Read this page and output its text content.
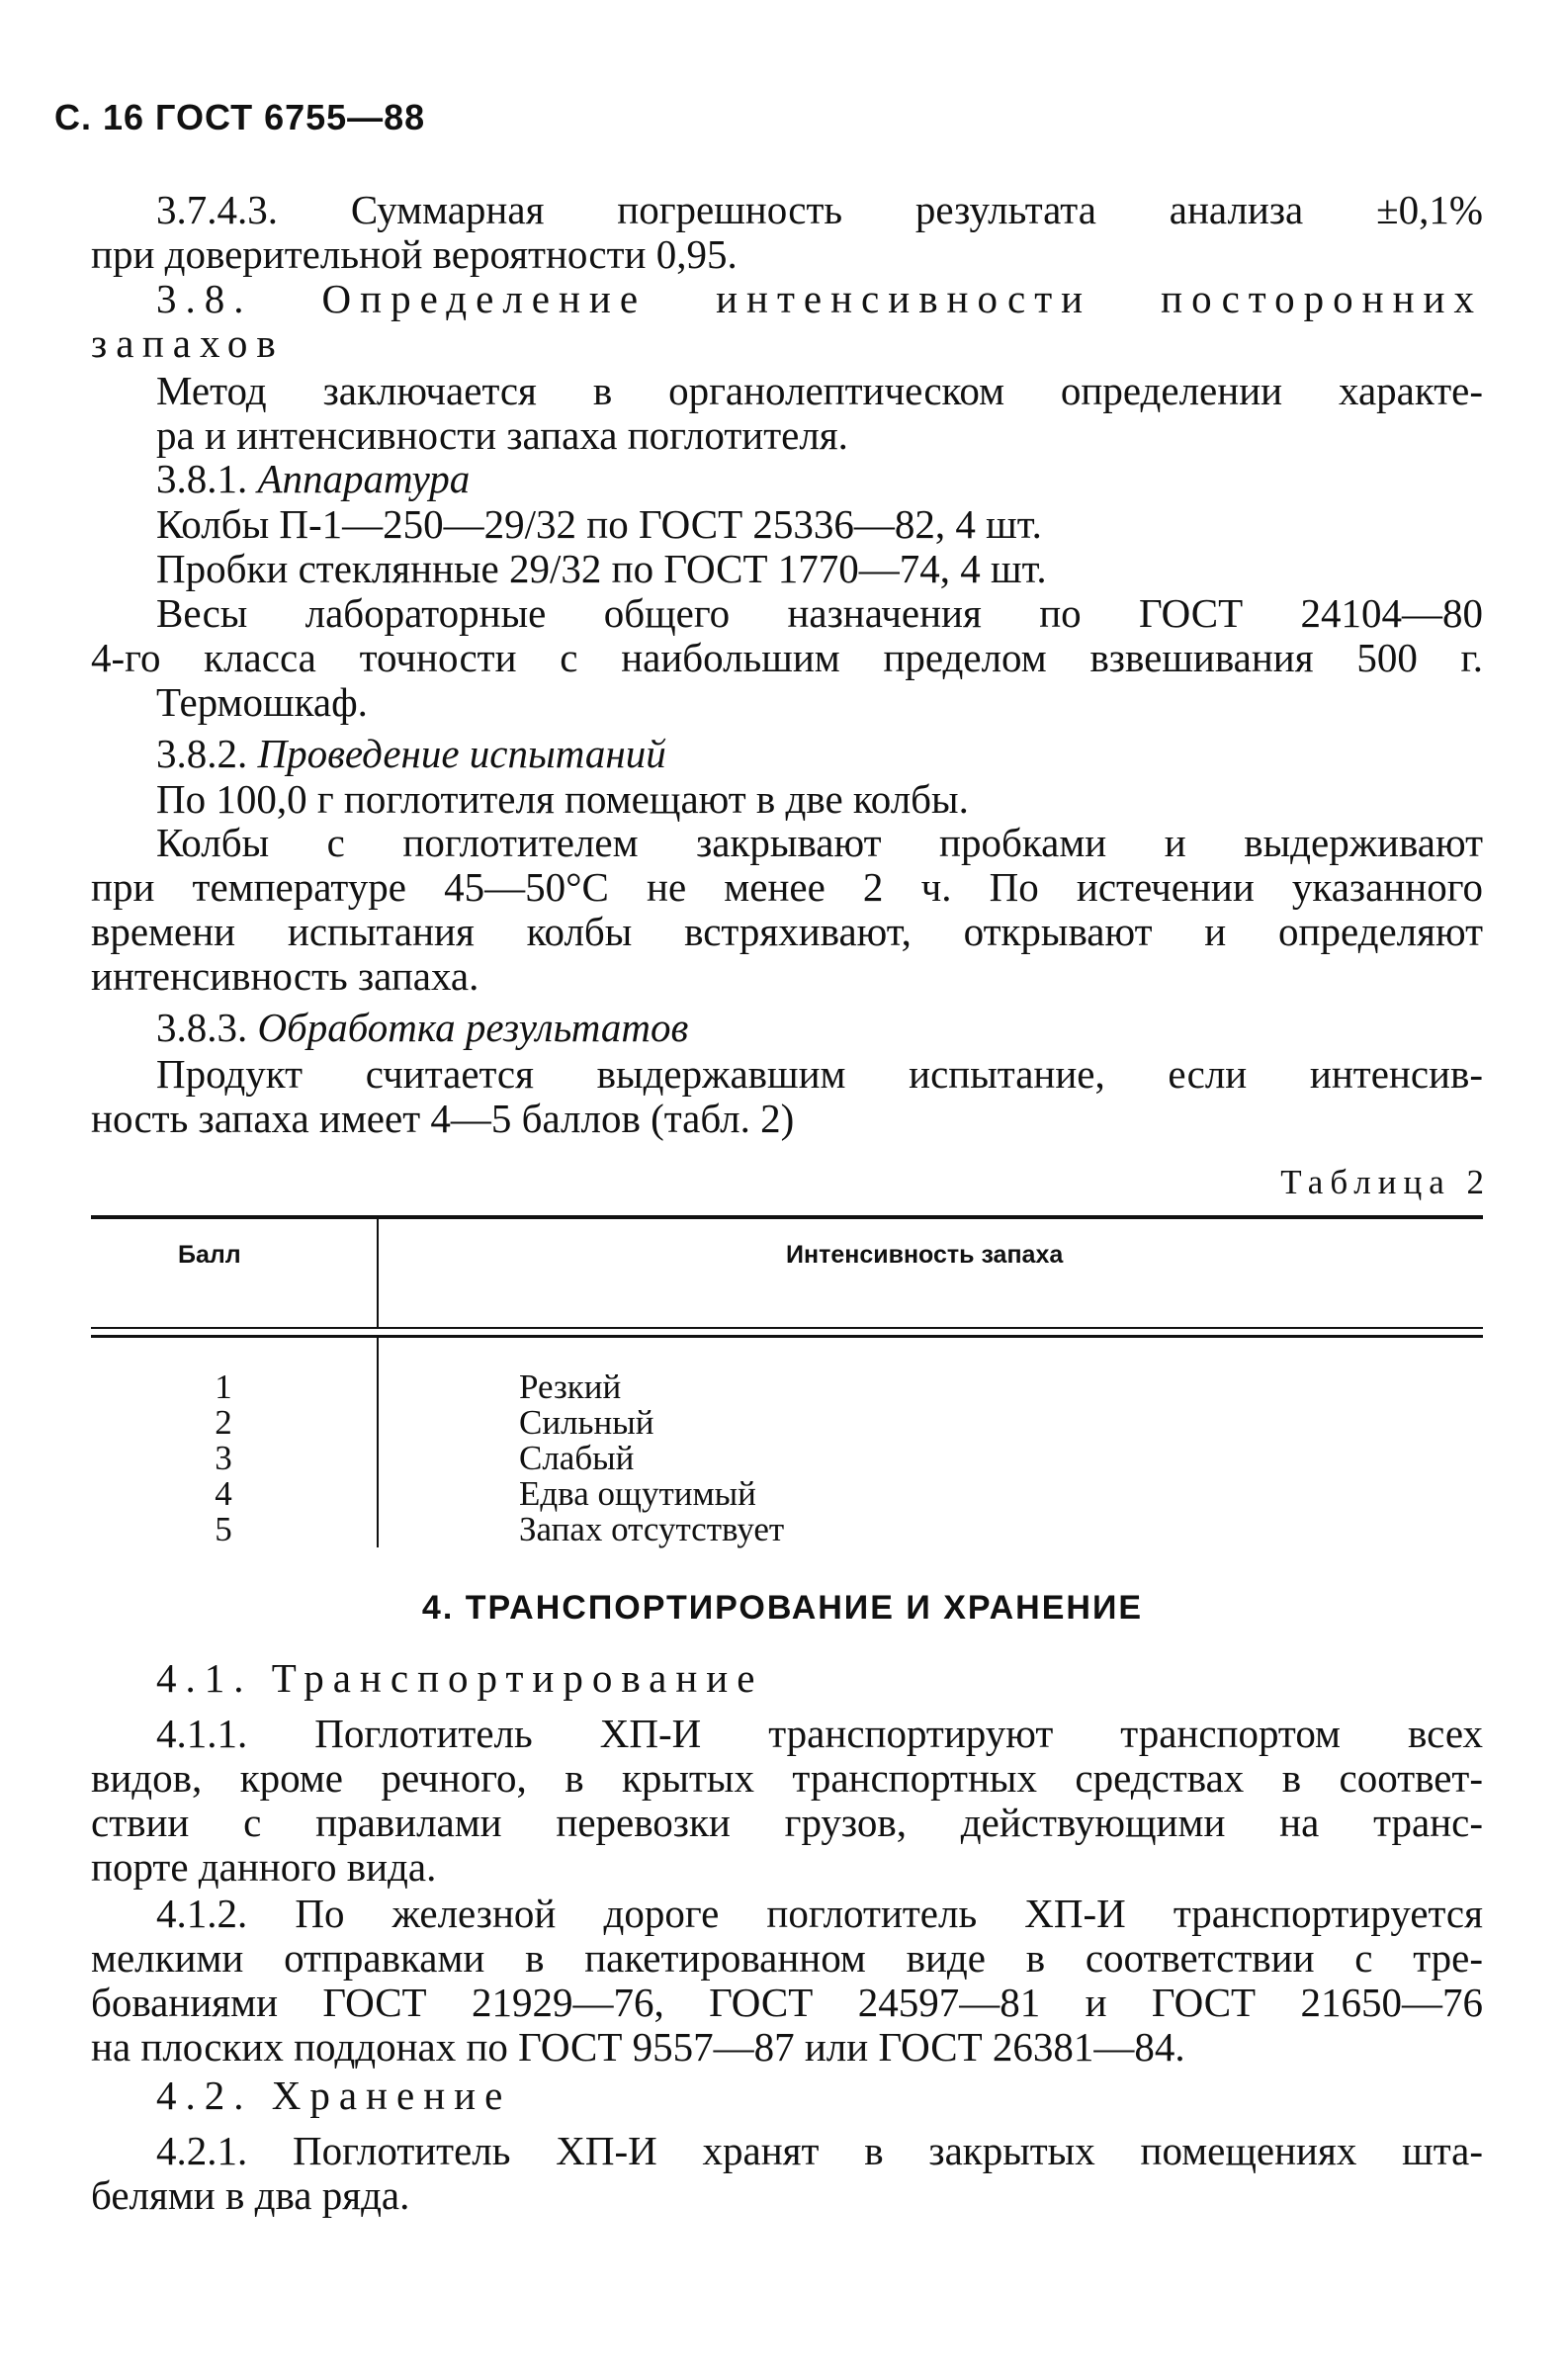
С. 16 ГОСТ 6755—88

3.7.4.3. Суммарная погрешность результата анализа ±0,1%

при доверительной вероятности 0,95.

3.8. Определение интенсивности посторонних

запахов

Метод заключается в органолептическом определении характе-

ра и интенсивности запаха поглотителя.

3.8.1. Аппаратура

Колбы П-1—250—29/32 по ГОСТ 25336—82, 4 шт.

Пробки стеклянные 29/32 по ГОСТ 1770—74, 4 шт.

Весы лабораторные общего назначения по ГОСТ 24104—80

4-го класса точности с наибольшим пределом взвешивания 500 г.

Термошкаф.

3.8.2. Проведение испытаний

По 100,0 г поглотителя помещают в две колбы.

Колбы с поглотителем закрывают пробками и выдерживают

при температуре 45—50°С не менее 2 ч. По истечении указанного

времени испытания колбы встряхивают, открывают и определяют

интенсивность запаха.

3.8.3. Обработка результатов

Продукт считается выдержавшим испытание, если интенсив-

ность запаха имеет 4—5 баллов (табл. 2)

Таблица 2
Балл	Интенсивность запаха
1
2
3
4
5
Резкий
Сильный
Слабый
Едва ощутимый
Запах отсутствует
4. ТРАНСПОРТИРОВАНИЕ И ХРАНЕНИЕ

4.1. Транспортирование

4.1.1. Поглотитель ХП-И транспортируют транспортом всех

видов, кроме речного, в крытых транспортных средствах в соответ-

ствии с правилами перевозки грузов, действующими на транс-

порте данного вида.

4.1.2. По железной дороге поглотитель ХП-И транспортируется

мелкими отправками в пакетированном виде в соответствии с тре-

бованиями ГОСТ 21929—76, ГОСТ 24597—81 и ГОСТ 21650—76

на плоских поддонах по ГОСТ 9557—87 или ГОСТ 26381—84.

4.2. Хранение

4.2.1. Поглотитель ХП-И хранят в закрытых помещениях шта-

белями в два ряда.
